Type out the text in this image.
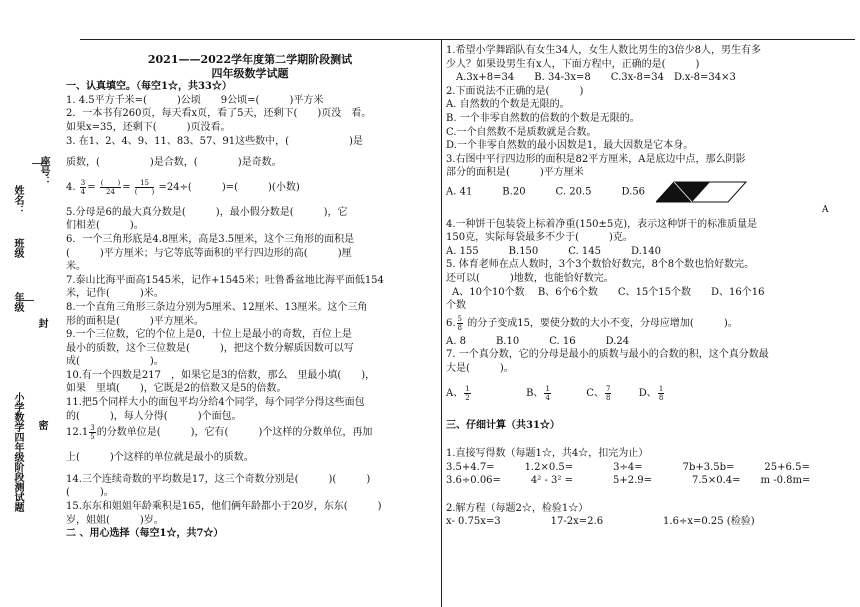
座号：
姓名：
班级
年级
封
密
小学数学四年级阶段测试题

2021——2022学年度第二学期阶段测试

四年级数学试题

一、认真填空。（每空1☆，共33☆）

1. 4.5平方千米=(　　　)公顷　　9公顷=(　　　)平方米

2．一本书有260页，每天看x页，看了5天，还剩下(　　)页没　看。

如果x=35，还剩下(　　　)页没看。

3. 在1、2、4、9、11、83、57、91这些数中，(　　　　　　)是

质数，(　　　　　)是合数，(　　　　)是奇数。

4. $\frac{3}{4} = \frac{( )}{24} = \frac{15}{( )} =24\div$(　　　)=(　　　)(小数)

5.分母是6的最大真分数是(　　　)，最小假分数是(　　　)，它

们相差(　　　)。

6．一个三角形底是4.8厘米，高是3.5厘米，这个三角形的面积是

(　　　)平方厘米；与它等底等面积的平行四边形的高(　　　)厘

米。

7.泰山比海平面高1545米，记作+1545米；吐鲁番盆地比海平面低154

米，记作(　　　)米。

8.一个直角三角形三条边分别为5厘米、12厘米、13厘米。这个三角

形的面积是(　　　)平方厘米。

9.一个三位数，它的个位上是0，十位上是最小的奇数，百位上是

最小的质数，这个三位数是(　　　)，把这个数分解质因数可以写

成(　　　　　　　)。

10.有一个四数是217　，如果它是3的倍数，那么　里最小填(　　)，

如果　里填(　　)，它既是2的倍数又是5的倍数。

11.把5个同样大小的面包平均分给4个同学，每个同学分得这些面包

的(　　　)，每人分得(　　　)个面包。

$12.1 \frac{3}{5}$ 的分数单位是(　　　)，它有(　　　)个这样的分数单位，再加

上(　　　)个这样的单位就是最小的质数。

14.三个连续奇数的平均数是17，这三个奇数分别是(　　　)(　　　)

(　　　)。

15.东东和姐姐年龄乘积是165，他们俩年龄都小于20岁，东东(　　　)

岁，姐姐(　　　)岁。

二 、用心选择（每空1☆，共7☆）

1.希望小学舞蹈队有女生34人，女生人数比男生的3倍少8人，男生有多

少人？如果设男生有x人，下面方程中，正确的是(　　　)

A.3x+8=34　　B. 34-3x=8　　C.3x-8=34　D.x-8=34×3

2.下面说法不正确的是(　　　)

A. 自然数的个数是无限的。

B. 一个非零自然数的倍数的个数是无限的。

C.一个自然数不是质数就是合数。

D.一个非零自然数的最小因数是1，最大因数是它本身。

3.右图中平行四边形的面积是82平方厘米，A是底边中点，那么阴影

部分的面积是(　　　)平方厘米

A. 41　　　B.20　　　C. 20.5　　　D.56

A

4.一种饼干包装袋上标着净重(150±5克)，表示这种饼干的标准质量是

150克，实际每袋最多不少于(　　　)克。

A. 155　　　B.150　　　C. 145　　　D.140

5. 体育老师在点人数时，3个3个数恰好数完，8个8个数也恰好数完。

还可以(　　　)地数，也能恰好数完。

A、10个10个数　 B、6个6个数　　C、15个15个数　　D、16个16

个数

6. $\frac{5}{8}$ 的分子变成15，要使分数的大小不变，分母应增加(　　　)。

A. 8　　　B.10　　　C. 16　　　D.24

7. 一个真分数，它的分母是最小的质数与最小的合数的积，这个真分数最

大是(　　　)。

A、 $\frac{1}{2}$	B、 $\frac{1}{4}$	C、 $\frac{7}{8}$	D、 $\frac{1}{8}$

三、仔细计算（共31☆）

1.直接写得数（每题1☆，共4☆，扣完为止）

3.5+4.7=　　　1.2×0.5=　　　　3÷4=　　　　7b+3.5b=　　　25+6.5=

3.6÷0.06=　　　4² - 3² =　　　　5+2.9=　　　　7.5×0.4=　　m -0.8m=

2.解方程（每题2☆，检验1☆）

x- 0.75x=3　　　　　17-2x=2.6　　　　　　1.6÷x=0.25 (检验)
